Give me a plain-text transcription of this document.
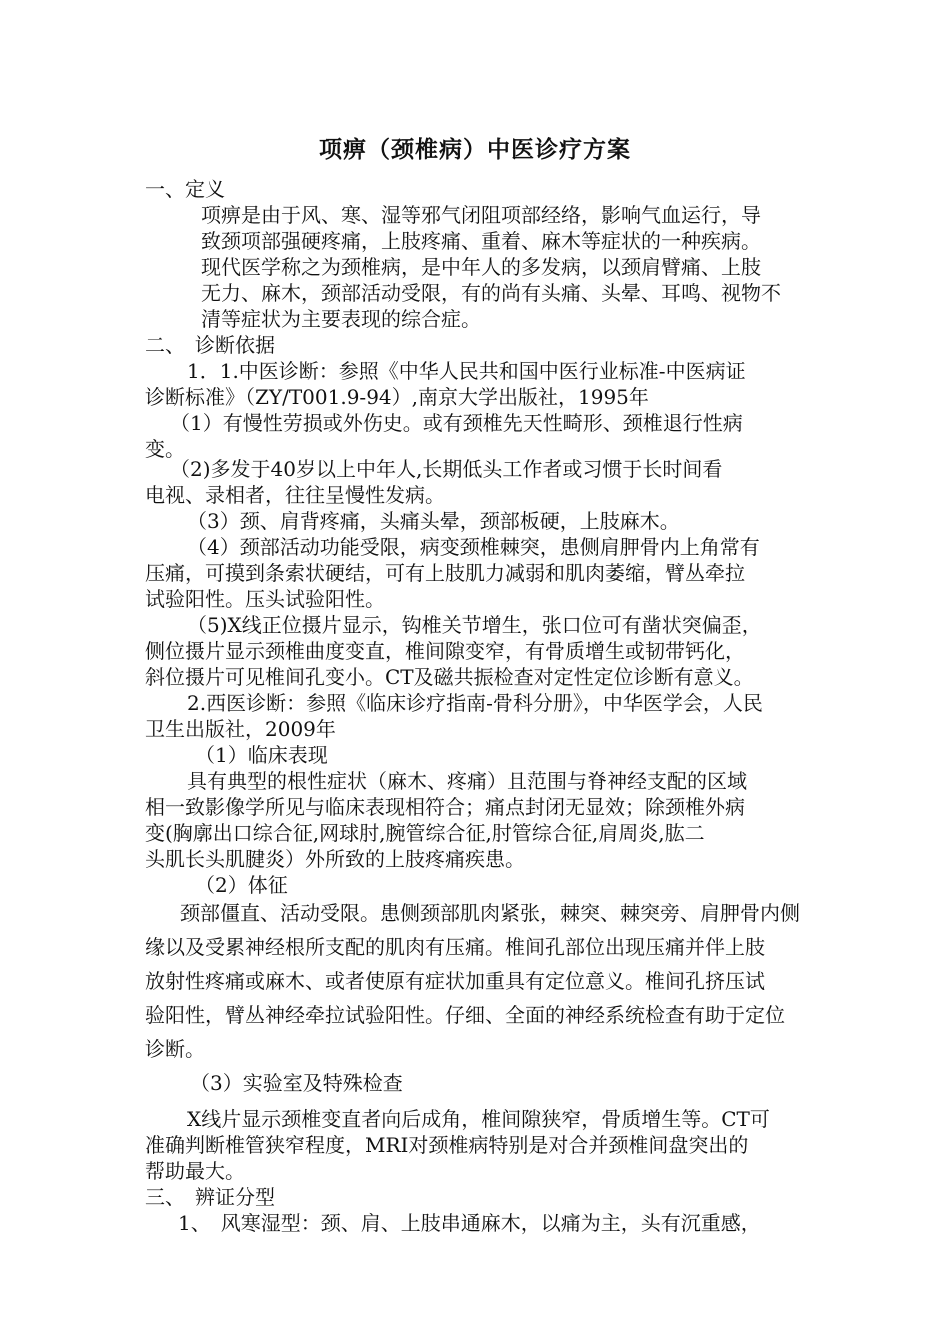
项痹（颈椎病）中医诊疗方案
一、定义
项痹是由于风、寒、湿等邪气闭阻项部经络，影响气血运行，导
致颈项部强硬疼痛，上肢疼痛、重着、麻木等症状的一种疾病。
现代医学称之为颈椎病，是中年人的多发病，以颈肩臂痛、上肢
无力、麻木，颈部活动受限，有的尚有头痛、头晕、耳鸣、视物不
清等症状为主要表现的综合症。
二、　诊断依据
1．1.中医诊断：参照《中华人民共和国中医行业标准-中医病证
诊断标准》（ZY/T001.9-94）,南京大学出版社，1995年
（1）有慢性劳损或外伤史。或有颈椎先天性畸形、颈椎退行性病
变。
（2)多发于40岁以上中年人,长期低头工作者或习惯于长时间看
电视、录相者，往往呈慢性发病。
（3）颈、肩背疼痛，头痛头晕，颈部板硬，上肢麻木。
（4）颈部活动功能受限，病变颈椎棘突，患侧肩胛骨内上角常有
压痛，可摸到条索状硬结，可有上肢肌力减弱和肌肉萎缩，臂丛牵拉
试验阳性。压头试验阳性。
（5)X线正位摄片显示，钩椎关节增生，张口位可有凿状突偏歪，
侧位摄片显示颈椎曲度变直，椎间隙变窄，有骨质增生或韧带钙化，
斜位摄片可见椎间孔变小。CT及磁共振检查对定性定位诊断有意义。
2.西医诊断：参照《临床诊疗指南-骨科分册》，中华医学会，人民
卫生出版社，2009年
（1）临床表现
具有典型的根性症状（麻木、疼痛）且范围与脊神经支配的区域
相一致影像学所见与临床表现相符合；痛点封闭无显效；除颈椎外病
变(胸廓出口综合征,网球肘,腕管综合征,肘管综合征,肩周炎,肱二
头肌长头肌腱炎）外所致的上肢疼痛疾患。
（2）体征
颈部僵直、活动受限。患侧颈部肌肉紧张，棘突、棘突旁、肩胛骨内侧
缘以及受累神经根所支配的肌肉有压痛。椎间孔部位出现压痛并伴上肢
放射性疼痛或麻木、或者使原有症状加重具有定位意义。椎间孔挤压试
验阳性，臂丛神经牵拉试验阳性。仔细、全面的神经系统检查有助于定位
诊断。
（3）实验室及特殊检查
X线片显示颈椎变直者向后成角，椎间隙狭窄，骨质增生等。CT可
准确判断椎管狭窄程度，MRI对颈椎病特别是对合并颈椎间盘突出的
帮助最大。
三、　辨证分型
1、　风寒湿型：颈、肩、上肢串通麻木，以痛为主，头有沉重感，
